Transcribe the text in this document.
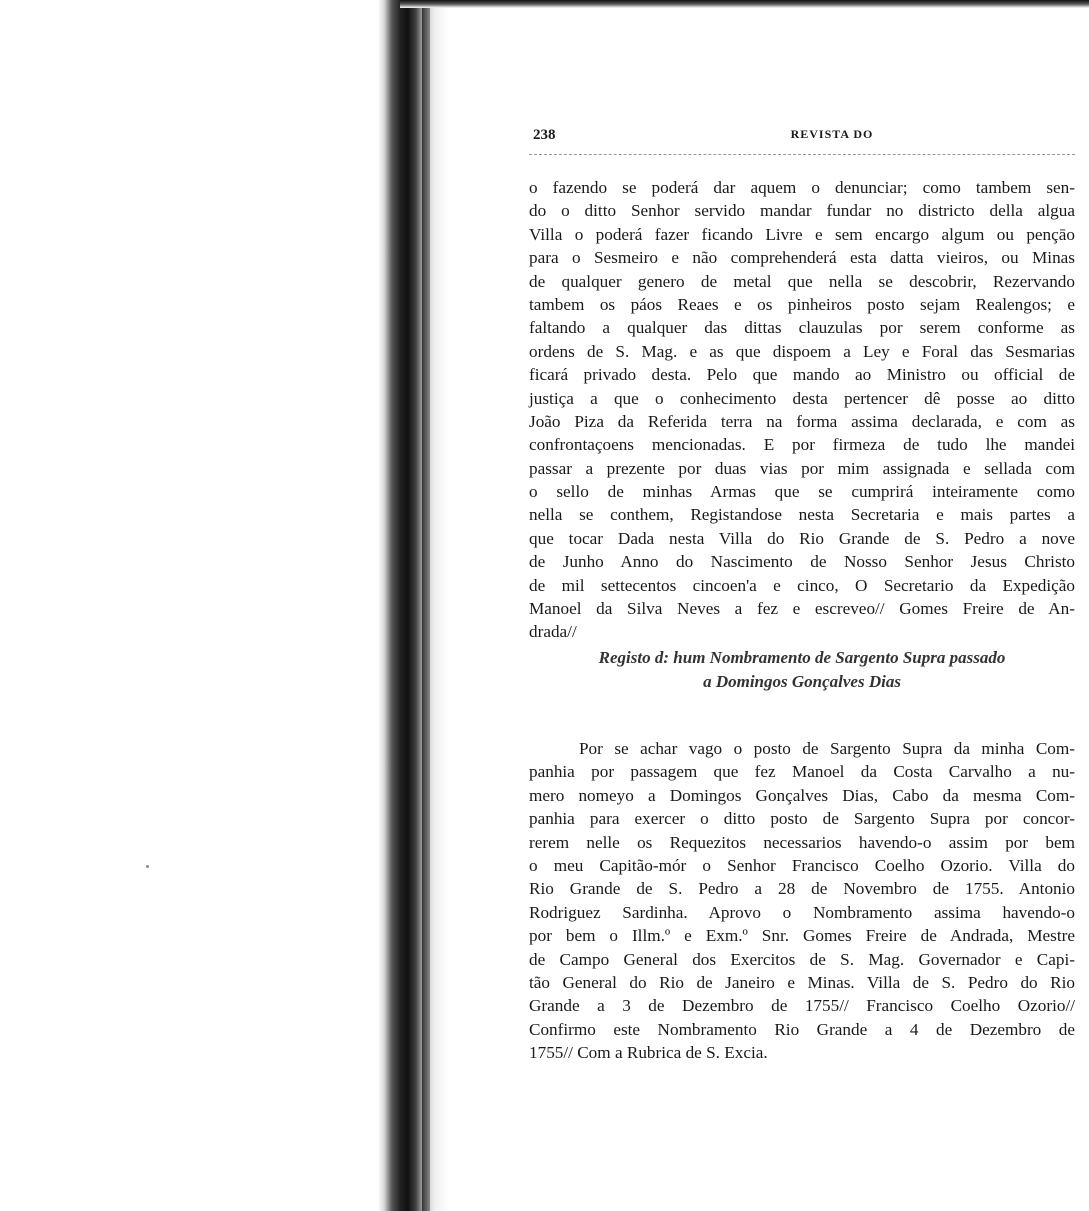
238	REVISTA DO
o fazendo se poderá dar aquem o denunciar; como tambem sen-
do o ditto Senhor servido mandar fundar no districto della algua
Villa o poderá fazer ficando Livre e sem encargo algum ou pençāo
para o Sesmeiro e não comprehenderá esta datta vieiros, ou Minas
de qualquer genero de metal que nella se descobrir, Rezervando
tambem os páos Reaes e os pinheiros posto sejam Realengos; e
faltando a qualquer das dittas clauzulas por serem conforme as
ordens de S. Mag. e as que dispoem a Ley e Foral das Sesmarias
ficará privado desta. Pelo que mando ao Ministro ou official de
justiça a que o conhecimento desta pertencer dê posse ao ditto
João Piza da Referida terra na forma assima declarada, e com as
confrontaçoens mencionadas. E por firmeza de tudo lhe mandei
passar a prezente por duas vias por mim assignada e sellada com
o sello de minhas Armas que se cumprirá inteiramente como
nella se conthem, Registandose nesta Secretaria e mais partes a
que tocar Dada nesta Villa do Rio Grande de S. Pedro a nove
de Junho Anno do Nascimento de Nosso Senhor Jesus Christo
de mil settecentos cincoen'a e cinco, O Secretario da Expedição
Manoel da Silva Neves a fez e escreveo// Gomes Freire de An-
drada//
Registo d: hum Nombramento de Sargento Supra passado
a Domingos Gonçalves Dias
Por se achar vago o posto de Sargento Supra da minha Com-
panhia por passagem que fez Manoel da Costa Carvalho a nu-
mero nomeyo a Domingos Gonçalves Dias, Cabo da mesma Com-
panhia para exercer o ditto posto de Sargento Supra por concor-
rerem nelle os Requezitos necessarios havendo-o assim por bem
o meu Capitão-mór o Senhor Francisco Coelho Ozorio. Villa do
Rio Grande de S. Pedro a 28 de Novembro de 1755. Antonio
Rodriguez Sardinha. Aprovo o Nombramento assima havendo-o
por bem o Illm.º e Exm.º Snr. Gomes Freire de Andrada, Mestre
de Campo General dos Exercitos de S. Mag. Governador e Capi-
tão General do Rio de Janeiro e Minas. Villa de S. Pedro do Rio
Grande a 3 de Dezembro de 1755// Francisco Coelho Ozorio//
Confirmo este Nombramento Rio Grande a 4 de Dezembro de
1755// Com a Rubrica de S. Excia.
